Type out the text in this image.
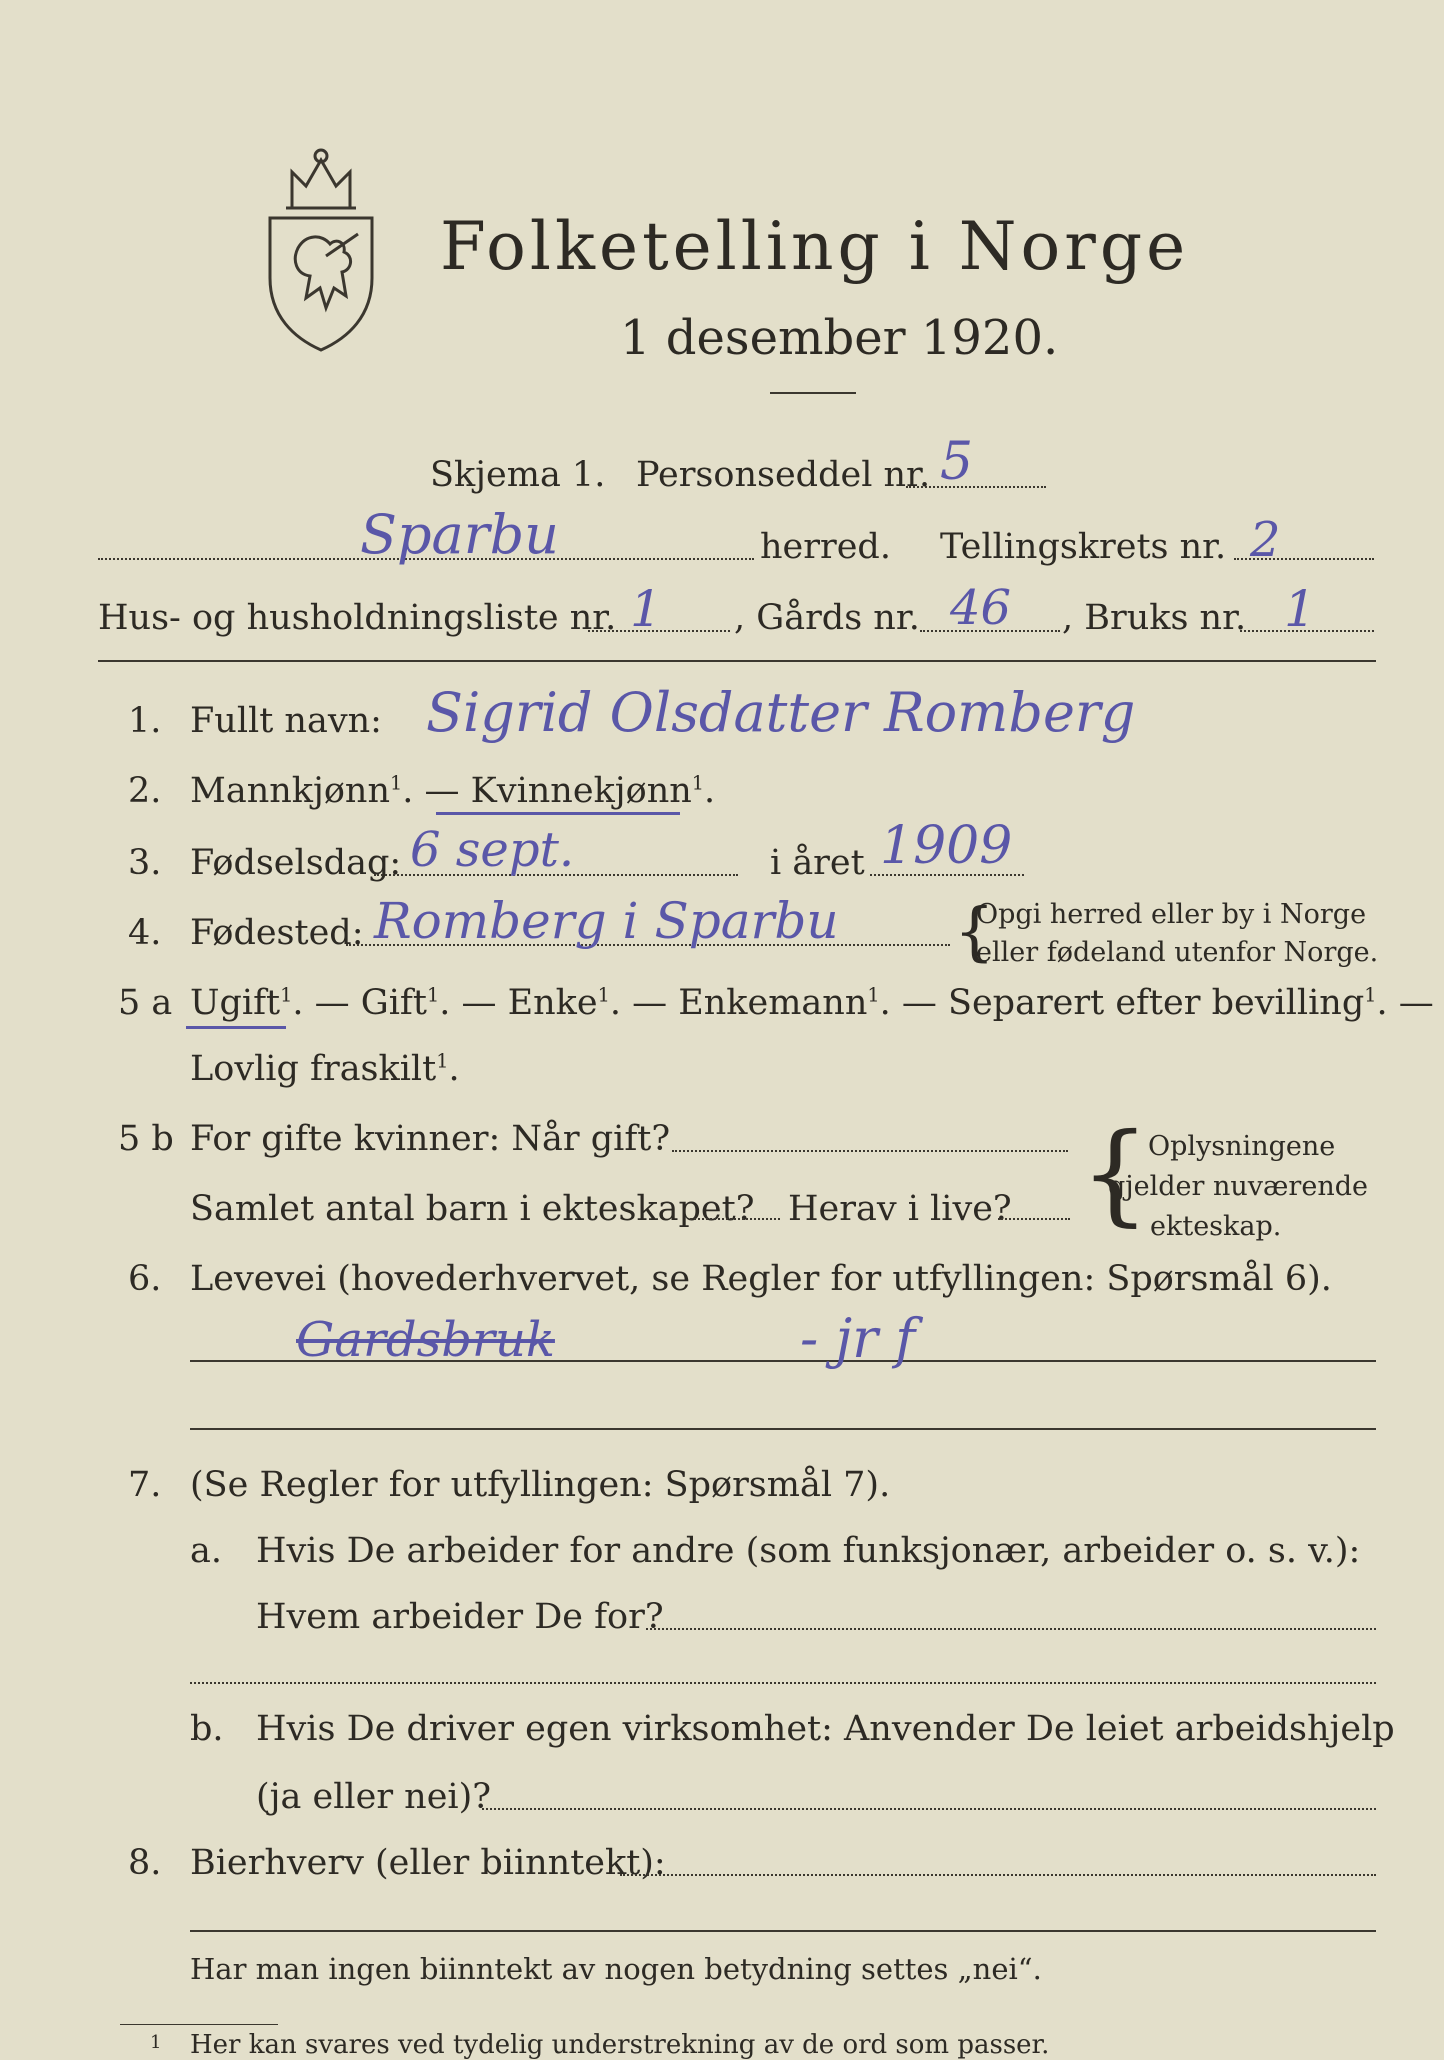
Folketelling i Norge
1 desember 1920.
Skjema 1. Personseddel nr. 5
Sparbu	herred. Tellingskrets nr. 2
Hus- og husholdningsliste nr. 1 , Gårds nr. 46 , Bruks nr. 1
1. Fullt navn: Sigrid Olsdatter Romberg
2. Mannkjønn$^1$. — Kvinnekjønn$^1$.
3. Fødselsdag: 6 sept.	i året 1909
4. Fødested: Romberg i Sparbu {
Opgi herred eller by i Norge
eller fødeland utenfor Norge.
5 a Ugift$^1$. — Gift$^1$. — Enke$^1$. — Enkemann$^1$. — Separert efter bevilling$^1$. —
Lovlig fraskilt$^1$.
5 b For gifte kvinner: Når gift?
Samlet antal barn i ekteskapet? Herav i live? {
Oplysningene
gjelder nuværende
ekteskap.
6. Levevei (hovederhvervet, se Regler for utfyllingen: Spørsmål 6).
Gardsbruk	- jr f
7. (Se Regler for utfyllingen: Spørsmål 7).
a. Hvis De arbeider for andre (som funksjonær, arbeider o. s. v.):
Hvem arbeider De for?
b. Hvis De driver egen virksomhet: Anvender De leiet arbeidshjelp
(ja eller nei)?
8. Bierhverv (eller biinntekt):
Har man ingen biinntekt av nogen betydning settes „nei“.
1 Her kan svares ved tydelig understrekning av de ord som passer.
